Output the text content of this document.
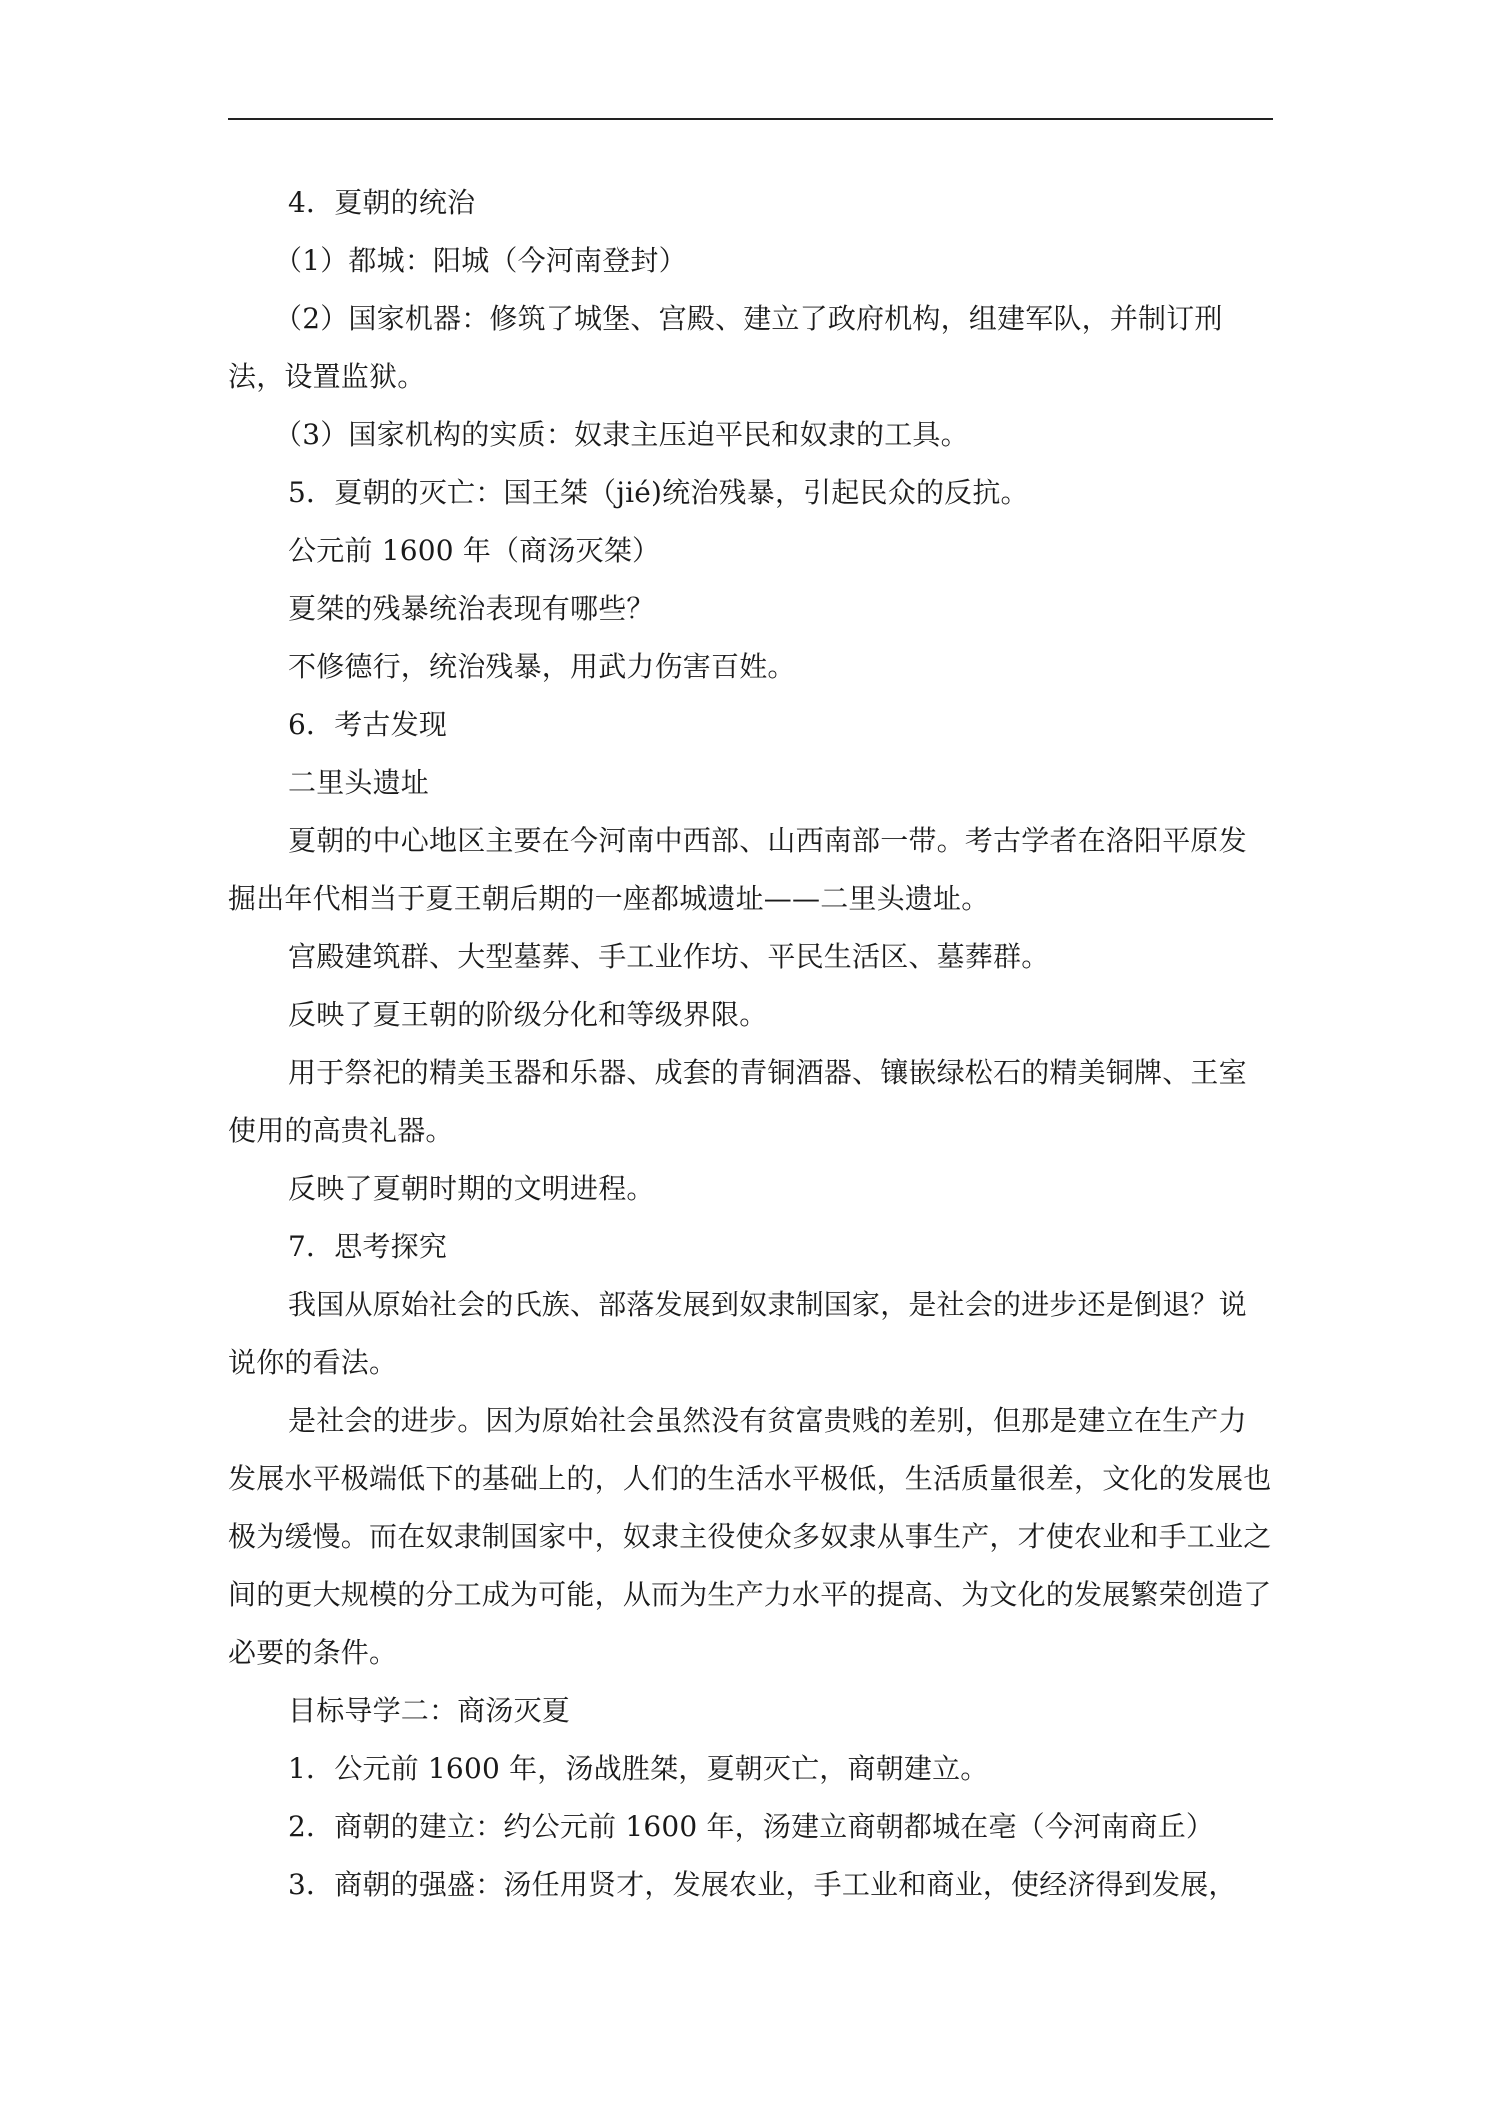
4．夏朝的统治

（1）都城：阳城（今河南登封）

（2）国家机器：修筑了城堡、宫殿、建立了政府机构，组建军队，并制订刑法，设置监狱。

（3）国家机构的实质：奴隶主压迫平民和奴隶的工具。

5．夏朝的灭亡：国王桀（jié)统治残暴，引起民众的反抗。

公元前 1600 年（商汤灭桀）

夏桀的残暴统治表现有哪些？

不修德行，统治残暴，用武力伤害百姓。

6．考古发现

二里头遗址

夏朝的中心地区主要在今河南中西部、山西南部一带。考古学者在洛阳平原发掘出年代相当于夏王朝后期的一座都城遗址——二里头遗址。

宫殿建筑群、大型墓葬、手工业作坊、平民生活区、墓葬群。

反映了夏王朝的阶级分化和等级界限。

用于祭祀的精美玉器和乐器、成套的青铜酒器、镶嵌绿松石的精美铜牌、王室使用的高贵礼器。

反映了夏朝时期的文明进程。

7．思考探究

我国从原始社会的氏族、部落发展到奴隶制国家，是社会的进步还是倒退？说说你的看法。

是社会的进步。因为原始社会虽然没有贫富贵贱的差别，但那是建立在生产力发展水平极端低下的基础上的，人们的生活水平极低，生活质量很差，文化的发展也极为缓慢。而在奴隶制国家中，奴隶主役使众多奴隶从事生产，才使农业和手工业之间的更大规模的分工成为可能，从而为生产力水平的提高、为文化的发展繁荣创造了必要的条件。

目标导学二：商汤灭夏

1．公元前 1600 年，汤战胜桀，夏朝灭亡，商朝建立。

2．商朝的建立：约公元前 1600 年，汤建立商朝都城在亳（今河南商丘）

3．商朝的强盛：汤任用贤才，发展农业，手工业和商业，使经济得到发展，
